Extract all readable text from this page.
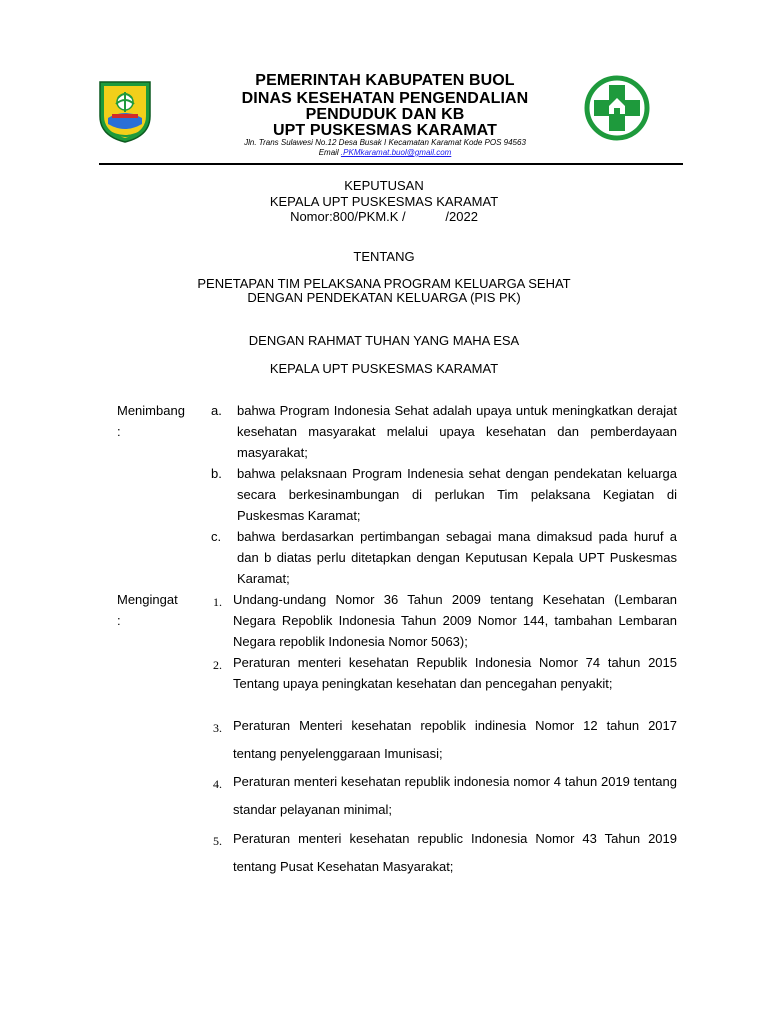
PEMERINTAH KABUPATEN BUOL
DINAS KESEHATAN PENGENDALIAN
PENDUDUK DAN KB
UPT PUSKESMAS KARAMAT
Jln. Trans Sulawesi No.12 Desa Busak I Kecamatan Karamat Kode POS 94563
Email .PKMkaramat.buol@gmail.com
KEPUTUSAN
KEPALA UPT PUSKESMAS KARAMAT
Nomor:800/PKM.K /           /2022
TENTANG
PENETAPAN TIM PELAKSANA PROGRAM KELUARGA SEHAT
DENGAN PENDEKATAN KELUARGA (PIS PK)
DENGAN RAHMAT TUHAN YANG MAHA ESA
KEPALA UPT PUSKESMAS KARAMAT
Menimbang
:
a. bahwa Program Indonesia Sehat adalah upaya untuk meningkatkan derajat kesehatan masyarakat melalui upaya kesehatan dan pemberdayaan masyarakat;
b. bahwa pelaksnaan Program Indenesia sehat dengan pendekatan keluarga secara berkesinambungan di perlukan Tim pelaksana Kegiatan di Puskesmas Karamat;
c. bahwa berdasarkan pertimbangan sebagai mana dimaksud pada huruf a dan b diatas perlu ditetapkan dengan Keputusan Kepala UPT Puskesmas Karamat;
Mengingat
:
1. Undang-undang Nomor 36 Tahun 2009 tentang Kesehatan (Lembaran Negara Repoblik Indonesia Tahun 2009 Nomor 144, tambahan Lembaran Negara repoblik Indonesia Nomor 5063);
2. Peraturan menteri kesehatan Republik Indonesia Nomor 74 tahun 2015 Tentang upaya peningkatan kesehatan dan pencegahan penyakit;
3. Peraturan Menteri kesehatan repoblik indinesia Nomor 12 tahun 2017 tentang penyelenggaraan Imunisasi;
4. Peraturan menteri kesehatan republik indonesia nomor 4 tahun 2019 tentang standar pelayanan minimal;
5. Peraturan menteri kesehatan republic Indonesia Nomor 43 Tahun 2019 tentang Pusat Kesehatan Masyarakat;
